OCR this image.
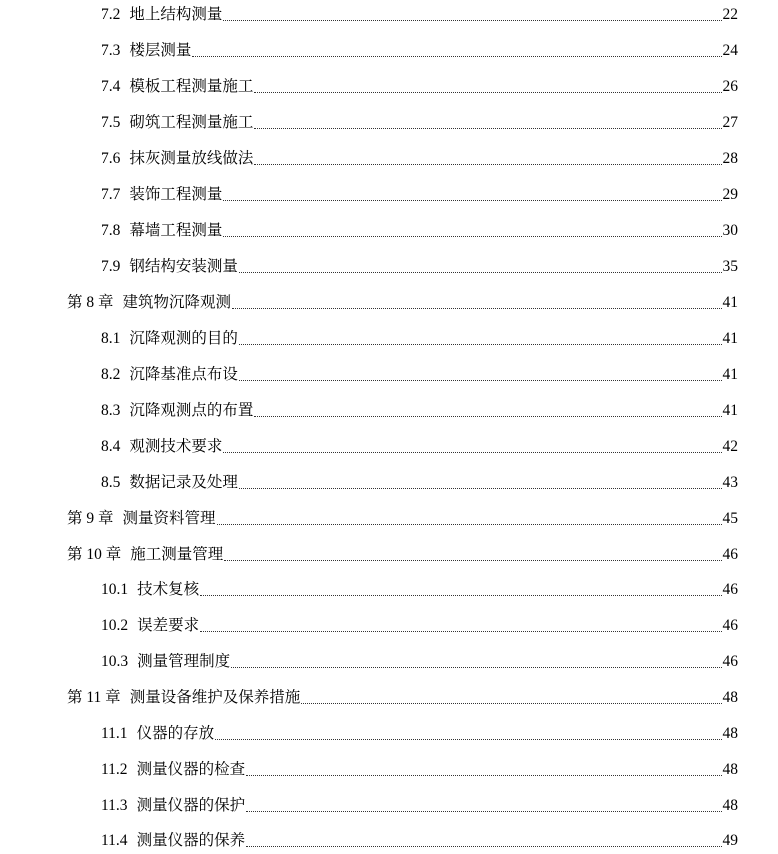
7.2 地上结构测量	22
7.3 楼层测量	24
7.4 模板工程测量施工	26
7.5 砌筑工程测量施工	27
7.6 抹灰测量放线做法	28
7.7 装饰工程测量	29
7.8 幕墙工程测量	30
7.9 钢结构安装测量	35
第 8 章 建筑物沉降观测	41
8.1 沉降观测的目的	41
8.2 沉降基准点布设	41
8.3 沉降观测点的布置	41
8.4 观测技术要求	42
8.5 数据记录及处理	43
第 9 章 测量资料管理	45
第 10 章 施工测量管理	46
10.1 技术复核	46
10.2 误差要求	46
10.3 测量管理制度	46
第 11 章 测量设备维护及保养措施	48
11.1 仪器的存放	48
11.2 测量仪器的检查	48
11.3 测量仪器的保护	48
11.4 测量仪器的保养	49
